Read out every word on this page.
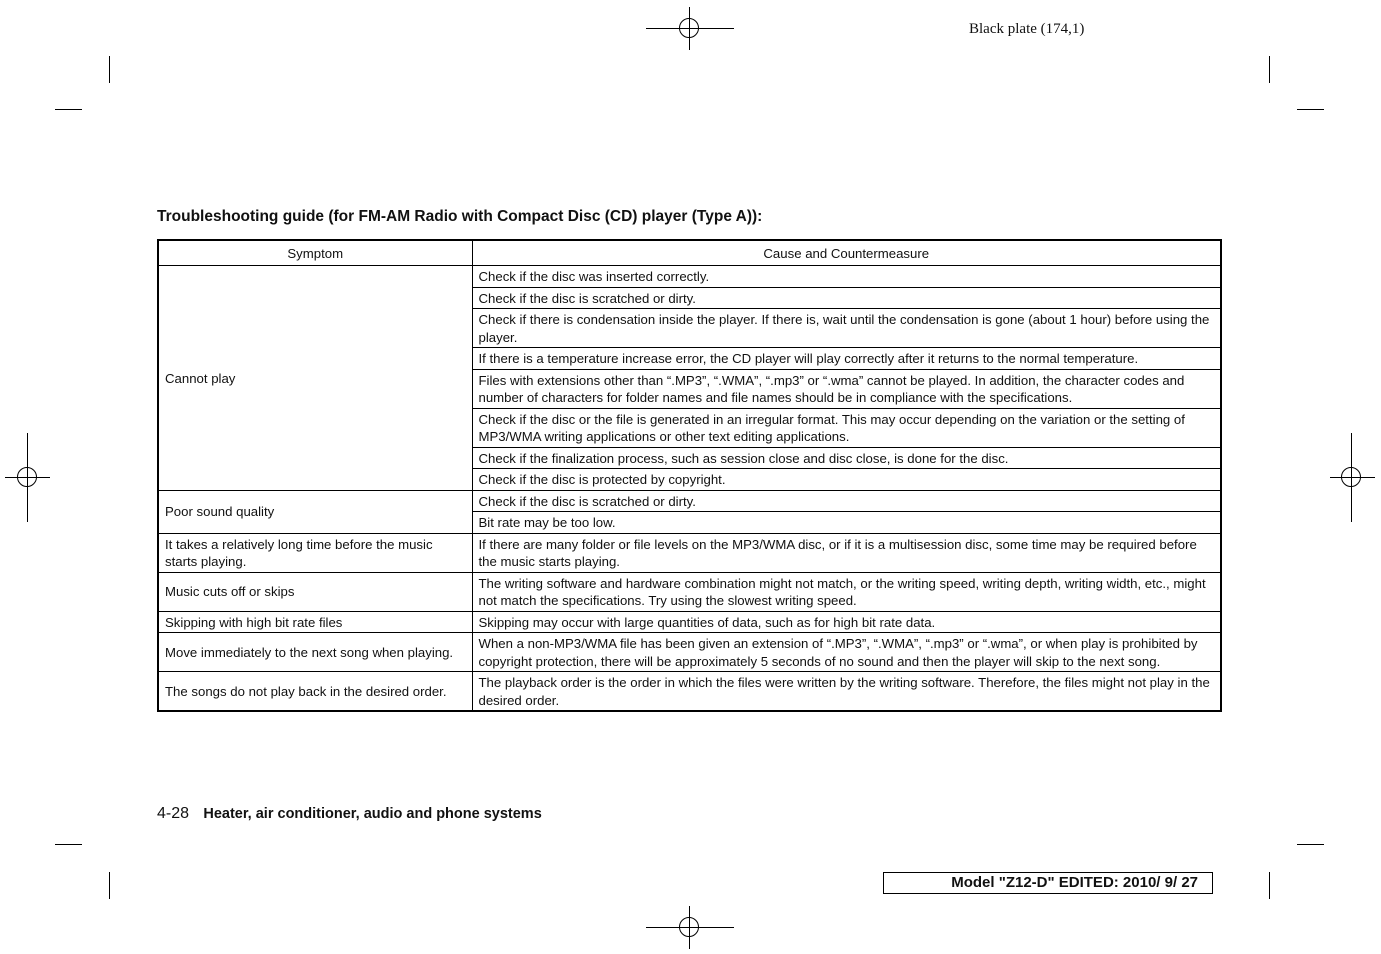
Black plate (174,1)
Troubleshooting guide (for FM-AM Radio with Compact Disc (CD) player (Type A)):
Symptom	Cause and Countermeasure
Cannot play	Check if the disc was inserted correctly.
	Check if the disc is scratched or dirty.
	Check if there is condensation inside the player. If there is, wait until the condensation is gone (about 1 hour) before using the player.
	If there is a temperature increase error, the CD player will play correctly after it returns to the normal temperature.
	Files with extensions other than “.MP3”, “.WMA”, “.mp3” or “.wma” cannot be played. In addition, the character codes and number of characters for folder names and file names should be in compliance with the specifications.
	Check if the disc or the file is generated in an irregular format. This may occur depending on the variation or the setting of MP3/WMA writing applications or other text editing applications.
	Check if the finalization process, such as session close and disc close, is done for the disc.
	Check if the disc is protected by copyright.
Poor sound quality	Check if the disc is scratched or dirty.
	Bit rate may be too low.
It takes a relatively long time before the music starts playing.	If there are many folder or file levels on the MP3/WMA disc, or if it is a multisession disc, some time may be required before the music starts playing.
Music cuts off or skips	The writing software and hardware combination might not match, or the writing speed, writing depth, writing width, etc., might not match the specifications. Try using the slowest writing speed.
Skipping with high bit rate files	Skipping may occur with large quantities of data, such as for high bit rate data.
Move immediately to the next song when playing.	When a non-MP3/WMA file has been given an extension of “.MP3”, “.WMA”, “.mp3” or “.wma”, or when play is prohibited by copyright protection, there will be approximately 5 seconds of no sound and then the player will skip to the next song.
The songs do not play back in the desired order.	The playback order is the order in which the files were written by the writing software. Therefore, the files might not play in the desired order.
4-28 Heater, air conditioner, audio and phone systems
Model "Z12-D" EDITED: 2010/ 9/ 27
